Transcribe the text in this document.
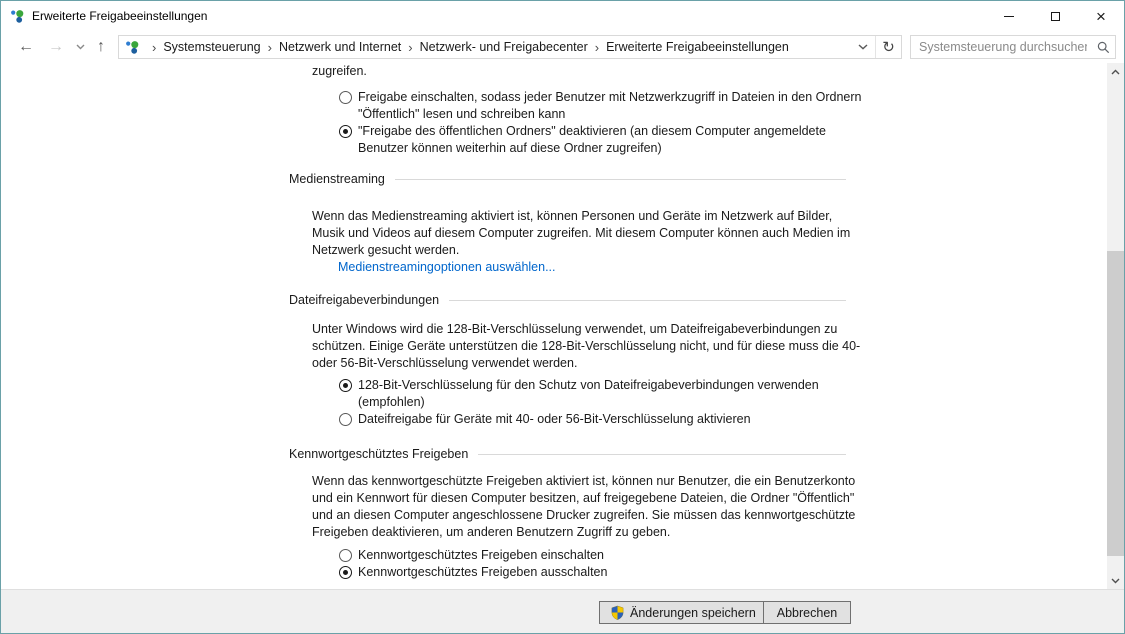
Erweiterte Freigabeeinstellungen	×
← →	↑	› Systemsteuerung › Netzwerk und Internet › Netzwerk- und Freigabecenter › Erweiterte Freigabeeinstellungen	↻
Systemsteuerung durchsuchen
zugreifen.
Freigabe einschalten, sodass jeder Benutzer mit Netzwerkzugriff in Dateien in den Ordnern
"Öffentlich" lesen und schreiben kann
"Freigabe des öffentlichen Ordners" deaktivieren (an diesem Computer angemeldete
Benutzer können weiterhin auf diese Ordner zugreifen)
Medienstreaming
Wenn das Medienstreaming aktiviert ist, können Personen und Geräte im Netzwerk auf Bilder,
Musik und Videos auf diesem Computer zugreifen. Mit diesem Computer können auch Medien im
Netzwerk gesucht werden.
Medienstreamingoptionen auswählen...
Dateifreigabeverbindungen
Unter Windows wird die 128-Bit-Verschlüsselung verwendet, um Dateifreigabeverbindungen zu
schützen. Einige Geräte unterstützen die 128-Bit-Verschlüsselung nicht, und für diese muss die 40-
oder 56-Bit-Verschlüsselung verwendet werden.
128-Bit-Verschlüsselung für den Schutz von Dateifreigabeverbindungen verwenden
(empfohlen)
Dateifreigabe für Geräte mit 40- oder 56-Bit-Verschlüsselung aktivieren
Kennwortgeschütztes Freigeben
Wenn das kennwortgeschützte Freigeben aktiviert ist, können nur Benutzer, die ein Benutzerkonto
und ein Kennwort für diesen Computer besitzen, auf freigegebene Dateien, die Ordner "Öffentlich"
und an diesen Computer angeschlossene Drucker zugreifen. Sie müssen das kennwortgeschützte
Freigeben deaktivieren, um anderen Benutzern Zugriff zu geben.
Kennwortgeschütztes Freigeben einschalten
Kennwortgeschütztes Freigeben ausschalten
Änderungen speichern Abbrechen
